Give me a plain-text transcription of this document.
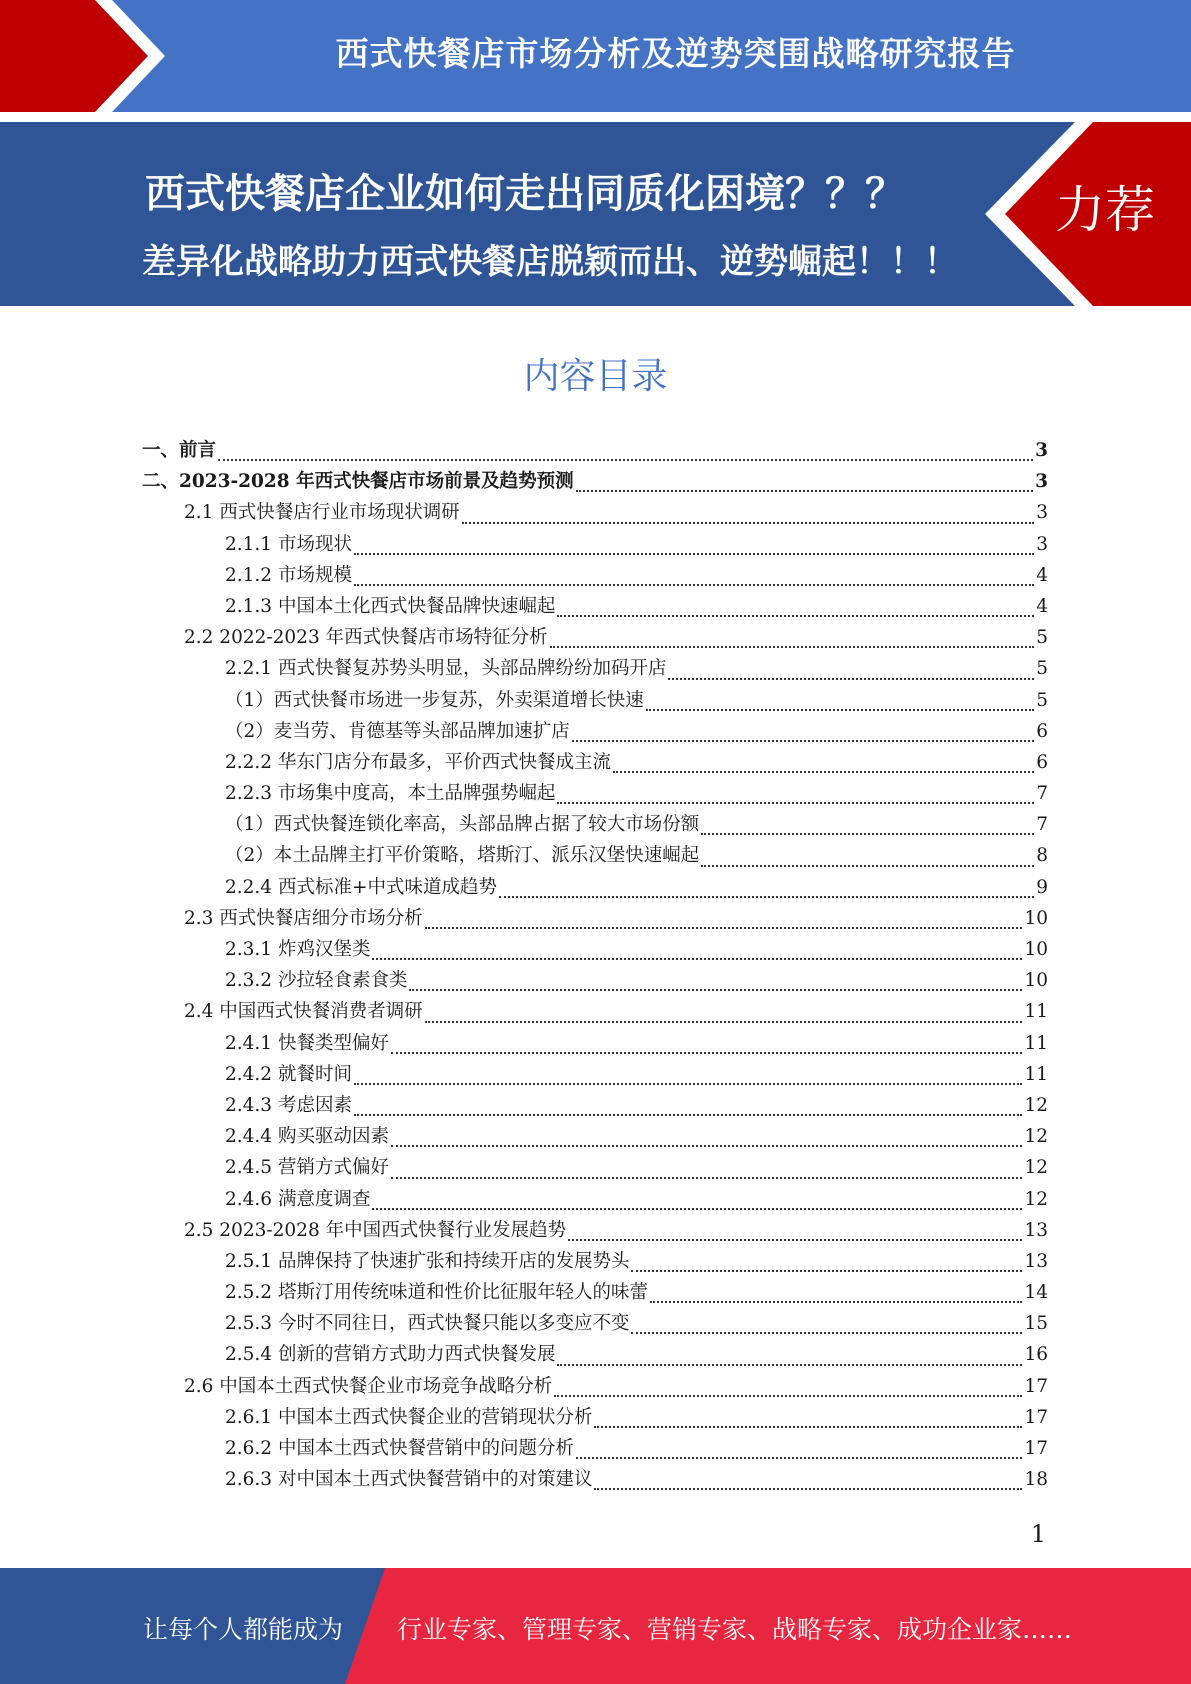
西式快餐店市场分析及逆势突围战略研究报告
西式快餐店企业如何走出同质化困境？？？
差异化战略助力西式快餐店脱颖而出、逆势崛起！！！
力荐
内容目录
一、前言	3
二、2023-2028 年西式快餐店市场前景及趋势预测	3
2.1 西式快餐店行业市场现状调研	3
2.1.1 市场现状	3
2.1.2 市场规模	4
2.1.3 中国本土化西式快餐品牌快速崛起	4
2.2 2022-2023 年西式快餐店市场特征分析	5
2.2.1 西式快餐复苏势头明显，头部品牌纷纷加码开店	5
（1）西式快餐市场进一步复苏，外卖渠道增长快速	5
（2）麦当劳、肯德基等头部品牌加速扩店	6
2.2.2 华东门店分布最多，平价西式快餐成主流	6
2.2.3 市场集中度高，本土品牌强势崛起	7
（1）西式快餐连锁化率高，头部品牌占据了较大市场份额	7
（2）本土品牌主打平价策略，塔斯汀、派乐汉堡快速崛起	8
2.2.4 西式标准+中式味道成趋势	9
2.3 西式快餐店细分市场分析	10
2.3.1 炸鸡汉堡类	10
2.3.2 沙拉轻食素食类	10
2.4 中国西式快餐消费者调研	11
2.4.1 快餐类型偏好	11
2.4.2 就餐时间	11
2.4.3 考虑因素	12
2.4.4 购买驱动因素	12
2.4.5 营销方式偏好	12
2.4.6 满意度调查	12
2.5 2023-2028 年中国西式快餐行业发展趋势	13
2.5.1 品牌保持了快速扩张和持续开店的发展势头	13
2.5.2 塔斯汀用传统味道和性价比征服年轻人的味蕾	14
2.5.3 今时不同往日，西式快餐只能以多变应不变	15
2.5.4 创新的营销方式助力西式快餐发展	16
2.6 中国本土西式快餐企业市场竞争战略分析	17
2.6.1 中国本土西式快餐企业的营销现状分析	17
2.6.2 中国本土西式快餐营销中的问题分析	17
2.6.3 对中国本土西式快餐营销中的对策建议	18
1
让每个人都能成为 行业专家、管理专家、营销专家、战略专家、成功企业家……
